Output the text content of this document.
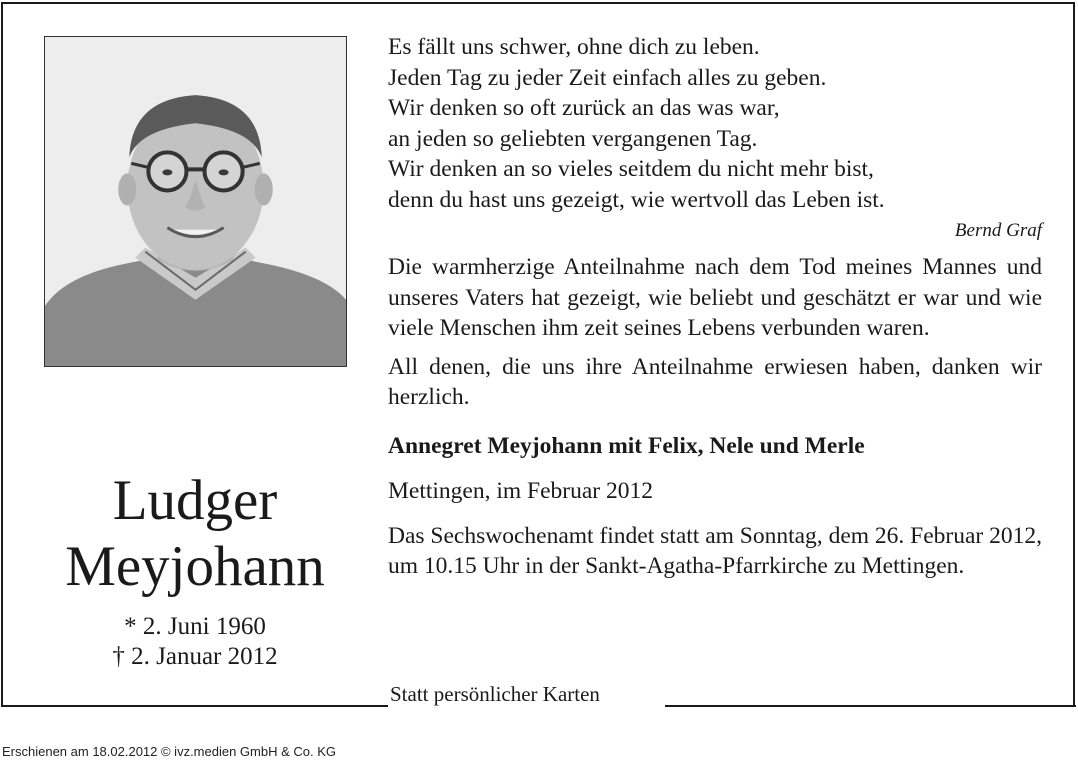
Ludger
Meyjohann
* 2. Juni 1960
† 2. Januar 2012
Es fällt uns schwer, ohne dich zu leben.
Jeden Tag zu jeder Zeit einfach alles zu geben.
Wir denken so oft zurück an das was war,
an jeden so geliebten vergangenen Tag.
Wir denken an so vieles seitdem du nicht mehr bist,
denn du hast uns gezeigt, wie wertvoll das Leben ist.
Bernd Graf

Die warmherzige Anteilnahme nach dem Tod meines Mannes und unseres Vaters hat gezeigt, wie beliebt und geschätzt er war und wie viele Menschen ihm zeit seines Lebens verbunden waren.

All denen, die uns ihre Anteilnahme erwiesen haben, danken wir herzlich.

Annegret Meyjohann mit Felix, Nele und Merle
Mettingen, im Februar 2012

Das Sechswochenamt findet statt am Sonntag, dem 26. Februar 2012, um 10.15 Uhr in der Sankt-Agatha-Pfarrkirche zu Mettingen.

Statt persönlicher Karten
Erschienen am 18.02.2012 © ivz.medien GmbH & Co. KG
